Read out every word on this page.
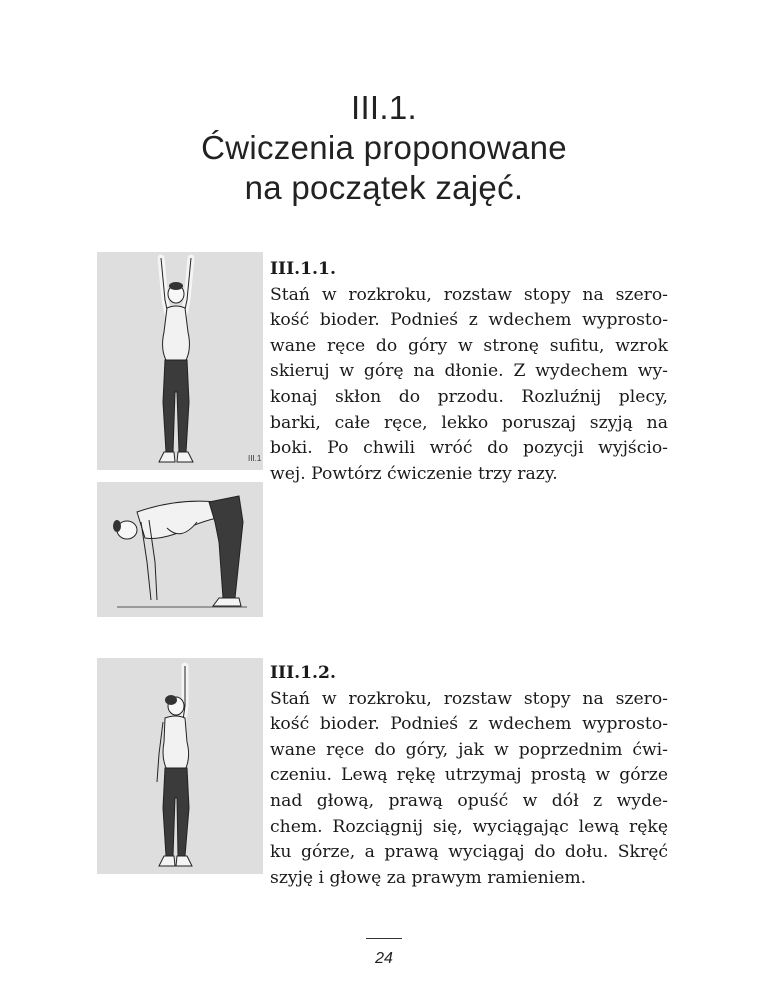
III.1.
Ćwiczenia proponowane
na początek zajęć.
III.1
III.1.1.
Stań w rozkroku, rozstaw stopy na szero-
kość bioder. Podnieś z wdechem wyprosto-
wane ręce do góry w stronę sufitu, wzrok
skieruj w górę na dłonie. Z wydechem wy-
konaj skłon do przodu. Rozluźnij plecy,
barki, całe ręce, lekko poruszaj szyją na
boki. Po chwili wróć do pozycji wyjścio-
wej. Powtórz ćwiczenie trzy razy.
III.1.2.
Stań w rozkroku, rozstaw stopy na szero-
kość bioder. Podnieś z wdechem wyprosto-
wane ręce do góry, jak w poprzednim ćwi-
czeniu. Lewą rękę utrzymaj prostą w górze
nad głową, prawą opuść w dół z wyde-
chem. Rozciągnij się, wyciągając lewą rękę
ku górze, a prawą wyciągaj do dołu. Skręć
szyję i głowę za prawym ramieniem.
24
